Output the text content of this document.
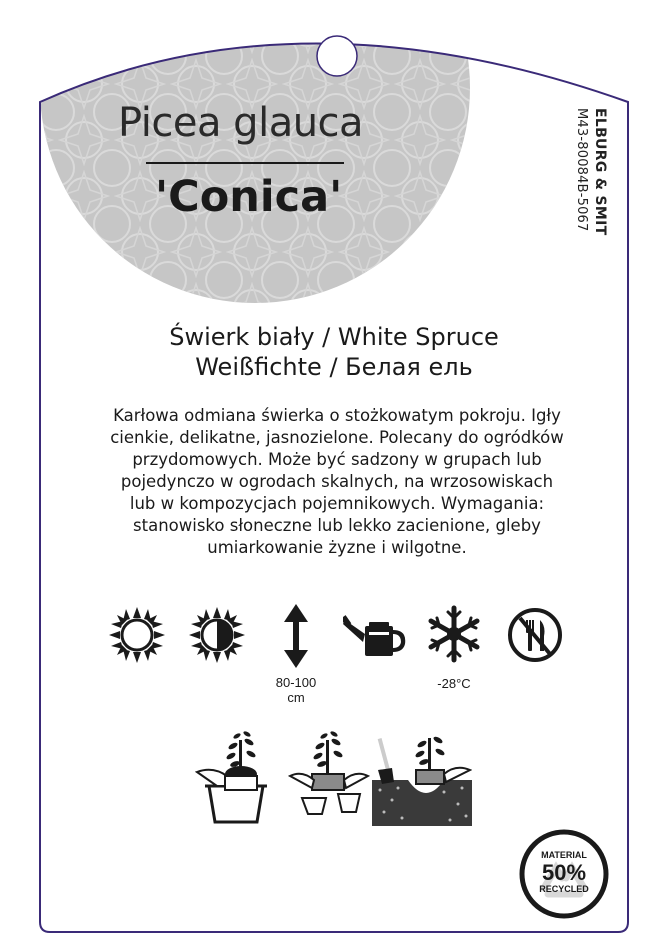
Picea glauca
'Conica'	ELBURG & SMIT
M43-80084B-5067
Świerk biały / White Spruce
Weißfichte / Белая ель
Karłowa odmiana świerka o stożkowatym pokroju. Igły
cienkie, delikatne, jasnozielone. Polecany do ogródków
przydomowych. Może być sadzony w grupach lub
pojedynczo w ogrodach skalnych, na wrzosowiskach
lub w kompozycjach pojemnikowych. Wymagania:
stanowisko słoneczne lub lekko zacienione, gleby
umiarkowanie żyzne i wilgotne.
80-100
cm
-28°C
MATERIAL
50%
RECYCLED
